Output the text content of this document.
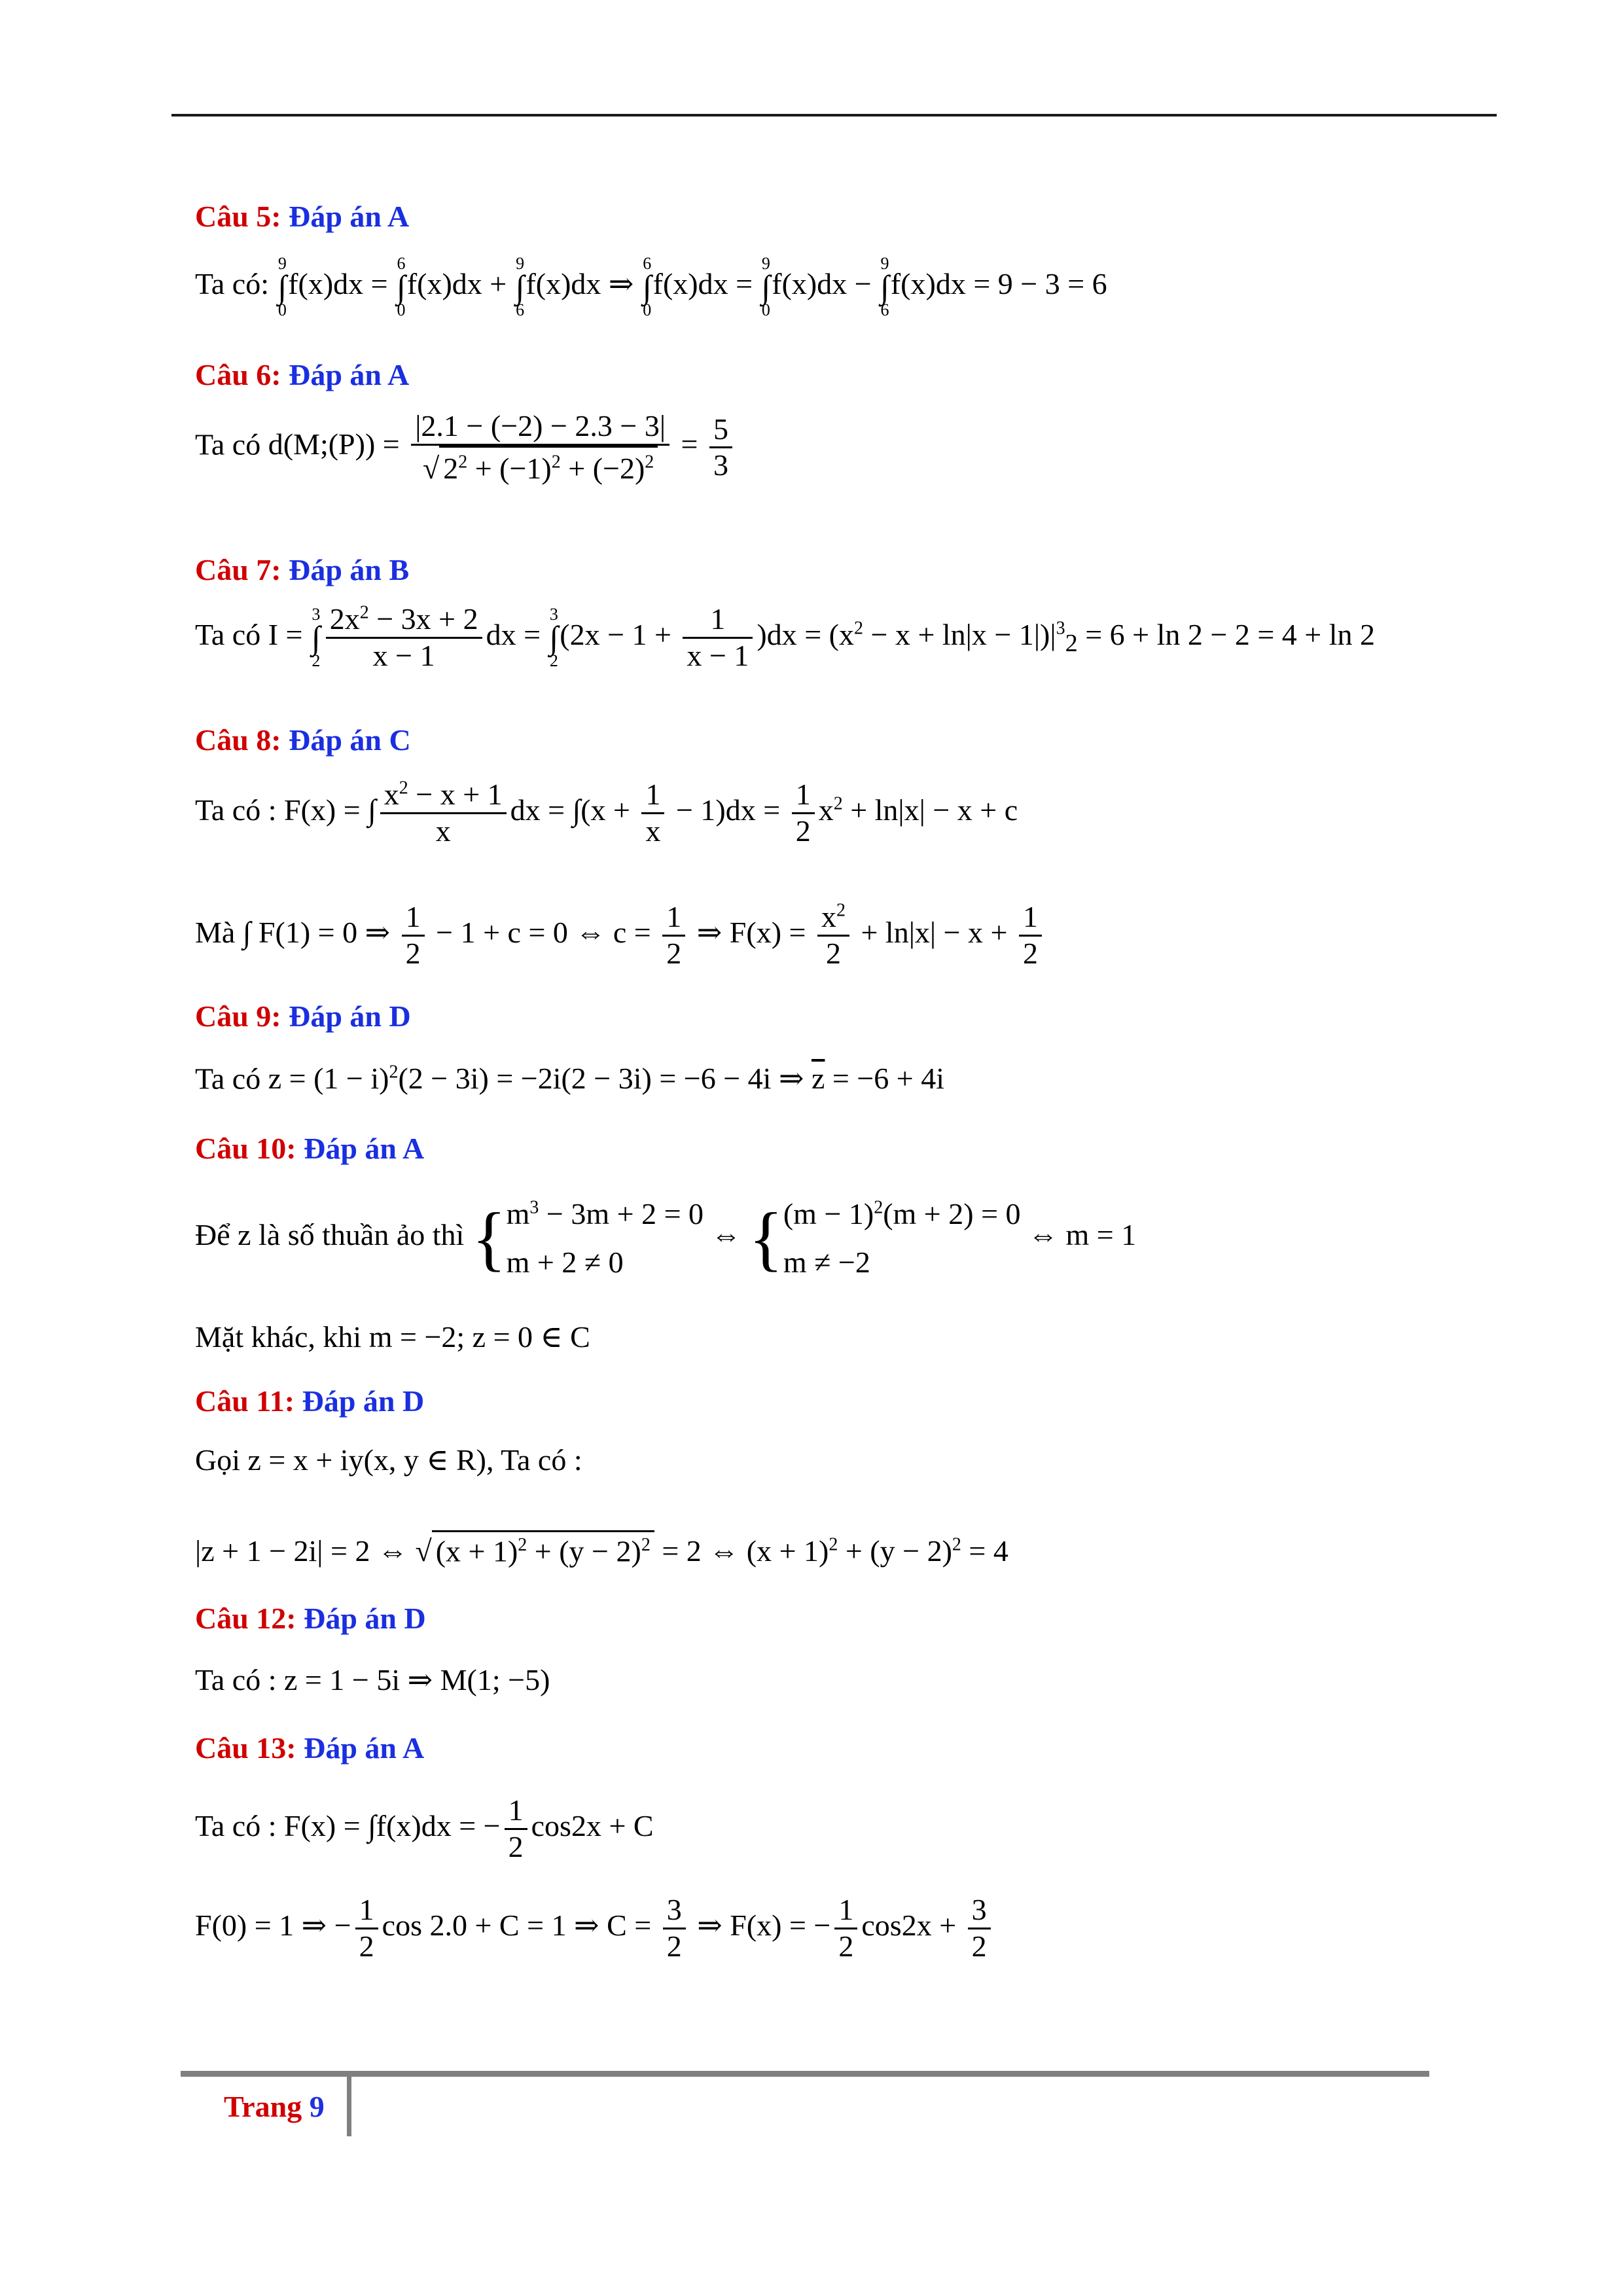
Câu 5: Đáp án A
Ta có:
9
∫
0
f(x)dx =
6
∫
0
f(x)dx +
9
∫
6
f(x)dx ⇒
6
∫
0
f(x)dx =
9
∫
0
f(x)dx −
9
∫
6
f(x)dx = 9 − 3 = 6
Câu 6: Đáp án A
Ta có d(M;(P)) = $\frac{|2.1 - (-2) - 2.3 - 3|}{√ 2^2 + (-1)^2 + (-2)^2} = \frac{5}{3}$
Câu 7: Đáp án B
Ta có I =
3
∫
$2 \frac{2x^2 - 3x + 2}{x - 1}$ dx =
3
∫
2
$(2x - 1 + \frac{1}{x - 1} )dx = (x^2 - x + \ln|x - 1|)|^3_2 = 6 + \ln 2 - 2 = 4 + \ln 2$
Câu 8: Đáp án C
Ta có : F(x) = ∫ $\frac{x^2 - x + 1}{x}$ dx = $\int(x + \frac{1}{x} - 1)dx = \frac{1}{2} x^2 + \ln|x| - x + c$
Mà ∫ F(1) = 0 ⇒ $\frac{1}{2} - 1 + c = 0$ ⇔ $c = \frac{1}{2}$ ⇒ $F(x) = \frac{x^2}{2} + \ln|x| - x + \frac{1}{2}$
Câu 9: Đáp án D
Ta có $z = (1 - i)^2(2 - 3i) = -2i(2 - 3i) = -6 - 4i$ ⇒ $\overline{z} = -6 + 4i$
Câu 10: Đáp án A
Để z là số thuần ảo thì {$m^3 - 3m + 2 = 0$
m + 2 ≠ 0 ⇔ {$(m - 1)^2(m + 2) = 0$
m ≠ −2 ⇔ m = 1
Mặt khác, khi m = −2; z = 0 ∈ C
Câu 11: Đáp án D
Gọi z = x + iy(x, y ∈ R), Ta có :
|z + 1 − 2i| = 2 ⇔ √ $(x + 1)^2 + (y - 2)^2 = 2$ ⇔ $(x + 1)^2 + (y - 2)^2 = 4$
Câu 12: Đáp án D
Ta có : z = 1 − 5i ⇒ M(1; −5)
Câu 13: Đáp án A
Ta có : F(x) = ∫f(x)dx = − $\frac{1}{2} \cos 2x + C$
F(0) = 1 ⇒ − $\frac{1}{2}$ cos 2.0 + C = 1 ⇒ $C = \frac{3}{2}$ ⇒ F(x) = − $\frac{1}{2} \cos 2x + \frac{3}{2}$
Trang 9
